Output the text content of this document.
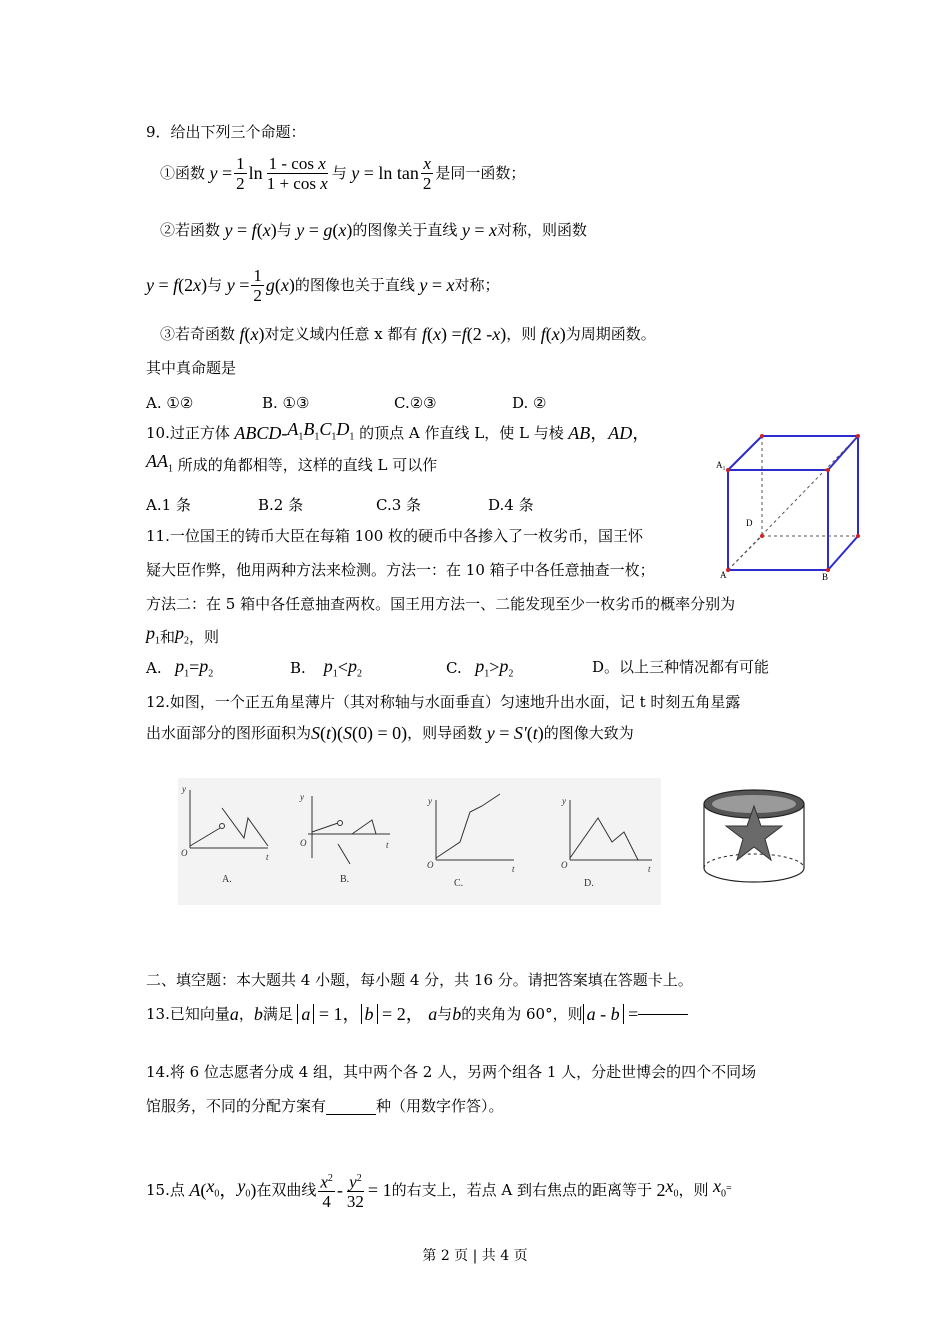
9．给出下列三个命题：
①函数 $y = \frac{1}{2}$ $\ln \frac{\text{1 - cos x}}{\text{1 + cos x}}$ 与 $y = \ln \tan \frac{x}{2}$ 是同一函数；
②若函数 y = f ( x ) 与 y = g ( x ) 的图像关于直线 y = x 对称，则函数
y = f (2 x ) 与 $y = \frac{1}{2}$ g ( x ) 的图像也关于直线 y = x 对称；
③若奇函数 f ( x ) 对定义域内任意 x 都有 f ( x ) = f (2 - x ) ，则 f ( x ) 为周期函数。
其中真命题是
A. ①②	B. ①③	C.②③	D. ②
10.过正方体 ABCD - $A_1B_1C_1D_1$
的顶点 A 作直线 L，使 L 与棱 AB ， AD ，
$AA_1$
所成的角都相等，这样的直线 L 可以作
A.1 条	B.2 条	C.3 条	D.4 条
A₁
D
A	B
11.一位国王的铸币大臣在每箱 100 枚的硬币中各掺入了一枚劣币，国王怀
疑大臣作弊，他用两种方法来检测。方法一：在 10 箱子中各任意抽查一枚；
方法二：在 5 箱中各任意抽查两枚。国王用方法一、二能发现至少一枚劣币的概率分别为
$p_1$ 和 $p_2$ ，则
A. $p_1 = p_2$	B. $p_1 < p_2$	C. $p_1 > p_2$	D。以上三种情况都有可能
12.如图，一个正五角星薄片（其对称轴与水面垂直）匀速地升出水面，记 t 时刻五角星露
出水面部分的图形面积为 S ( t )( S (0) = 0) ，则导函数 y = S′ ( t ) 的图像大致为
y
O	t
y
O	t
y
O	t
y
O	t
A.	B.	C.	D.
二、填空题：本大题共 4 小题，每小题 4 分，共 16 分。请把答案填在答题卡上。
13.已知向量 a ， b 满足 a = 1， b = 2， a 与 b 的夹角为 60°，则 a - b =
14.将 6 位志愿者分成 4 组，其中两个各 2 人，另两个组各 1 人，分赴世博会的四个不同场
馆服务，不同的分配方案有	种（用数字作答）。
15.点 A ( $x_0$ ， $y_0$ ) 在双曲线 $\frac{x^2}{4} - \frac{y^2}{32} = 1$ 的右支上，若点 A 到右焦点的距离等于 2 $x_0$ ，则 $x_0$
=
第 2 页 | 共 4 页
